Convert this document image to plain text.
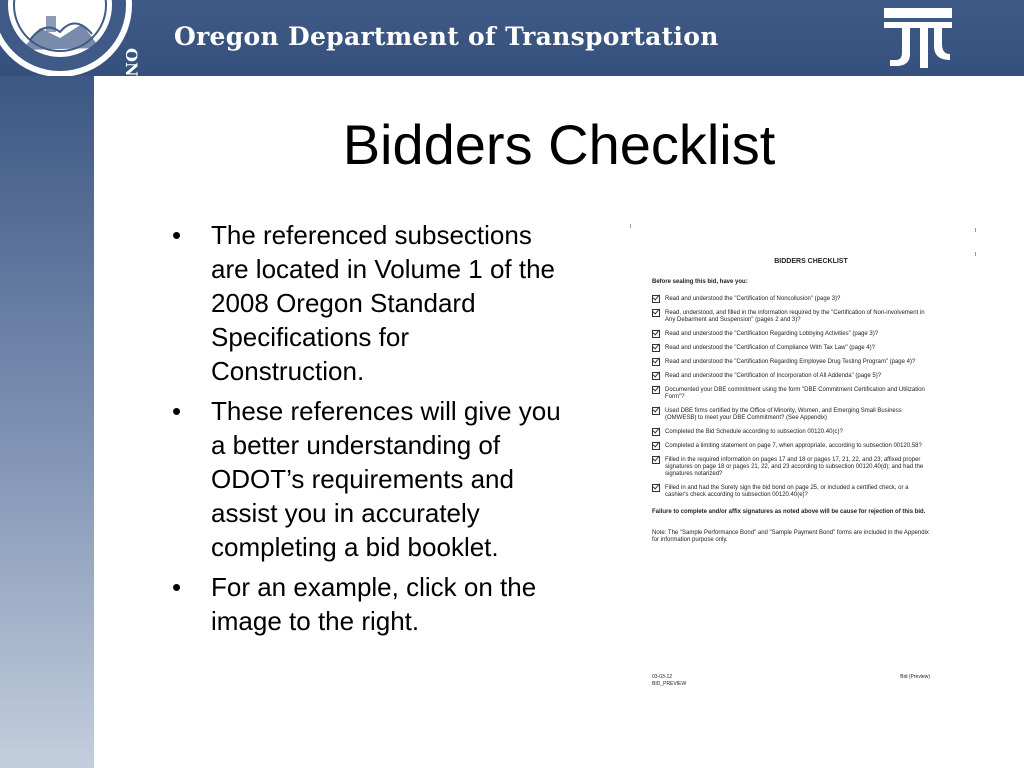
ON
Oregon Department of Transportation
Bidders Checklist
• The referenced subsections are located in Volume 1 of the 2008 Oregon Standard Specifications for Construction.
• These references will give you a better understanding of ODOT’s requirements and assist you in accurately completing a bid booklet.
• For an example, click on the image to the right.
BIDDERS CHECKLIST
Before sealing this bid, have you:
Read and understood the "Certification of Noncollusion" (page 3)?
Read, understood, and filled in the information required by the "Certification of Non-involvement in Any Debarment and Suspension" (pages 2 and 3)?
Read and understood the "Certification Regarding Lobbying Activities" (page 3)?
Read and understood the "Certification of Compliance With Tax Law" (page 4)?
Read and understood the "Certification Regarding Employee Drug Testing Program" (page 4)?
Read and understood the "Certification of Incorporation of All Addenda" (page 5)?
Documented your DBE commitment using the form "DBE Commitment Certification and Utilization Form"?
Used DBE firms certified by the Office of Minority, Women, and Emerging Small Business (OMWESB) to meet your DBE Commitment? (See Appendix)
Completed the Bid Schedule according to subsection 00120.40(c)?
Completed a limiting statement on page 7, when appropriate, according to subsection 00120.58?
Filled in the required information on pages 17 and 18 or pages 17, 21, 22, and 23; affixed proper signatures on page 18 or pages 21, 22, and 23 according to subsection 00120.40(d); and had the signatures notarized?
Filled in and had the Surety sign the bid bond on page 25, or included a certified check, or a cashier's check according to subsection 00120.40(e)?
Failure to complete and/or affix signatures as noted above will be cause for rejection of this bid.
Note: The "Sample Performance Bond" and "Sample Payment Bond" forms are included in the Appendix for information purpose only.
03-03-12
BID_PREVIEW
Bid (Preview)
